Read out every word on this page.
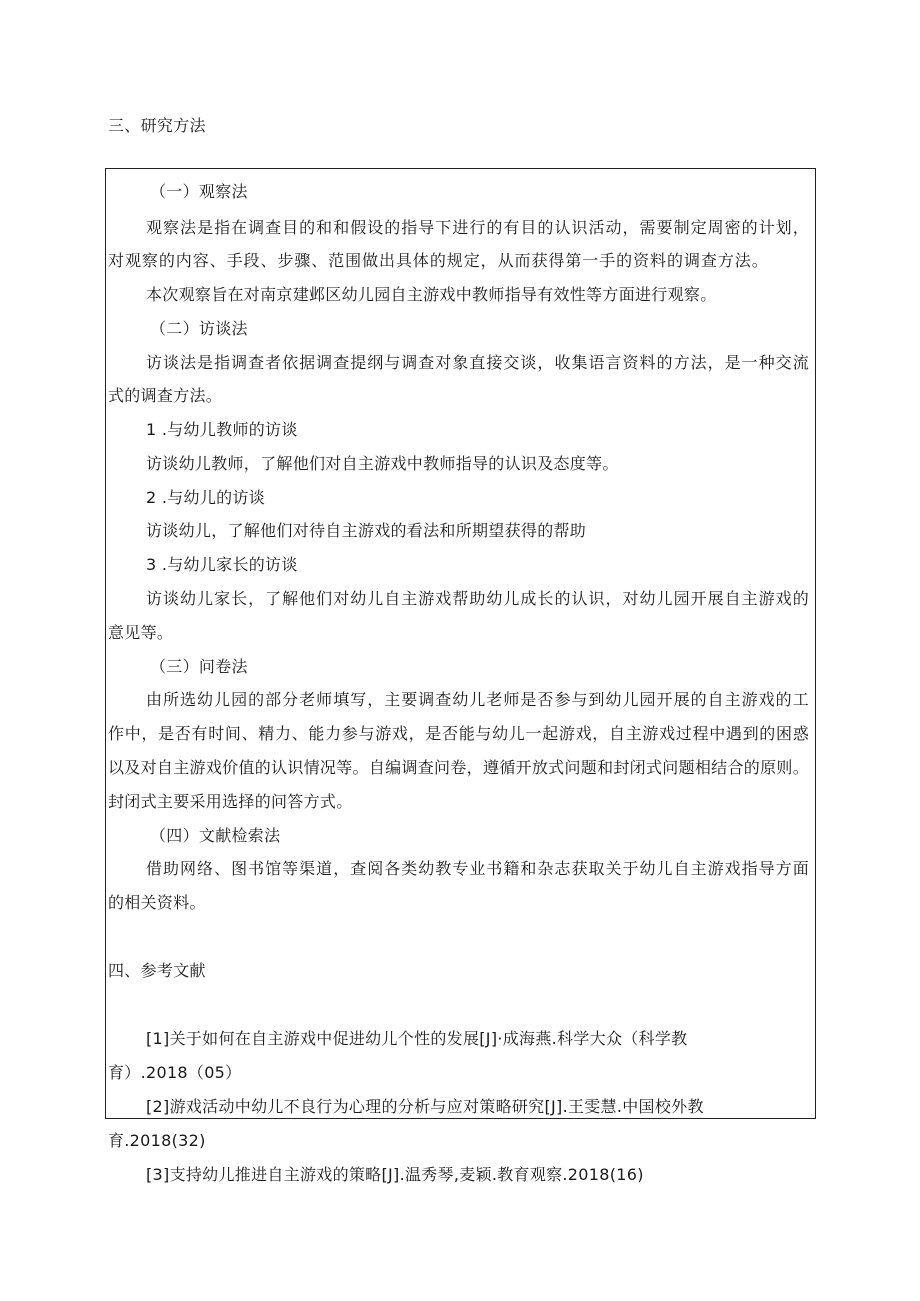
三、研究方法
（一）观察法
观察法是指在调查目的和和假设的指导下进行的有目的认识活动，需要制定周密的计划，
对观察的内容、手段、步骤、范围做出具体的规定，从而获得第一手的资料的调查方法。
本次观察旨在对南京建邺区幼儿园自主游戏中教师指导有效性等方面进行观察。
（二）访谈法
访谈法是指调查者依据调查提纲与调查对象直接交谈，收集语言资料的方法，是一种交流
式的调查方法。
1 .与幼儿教师的访谈
访谈幼儿教师，了解他们对自主游戏中教师指导的认识及态度等。
2 .与幼儿的访谈
访谈幼儿，了解他们对待自主游戏的看法和所期望获得的帮助
3 .与幼儿家长的访谈
访谈幼儿家长，了解他们对幼儿自主游戏帮助幼儿成长的认识，对幼儿园开展自主游戏的
意见等。
（三）问卷法
由所选幼儿园的部分老师填写，主要调查幼儿老师是否参与到幼儿园开展的自主游戏的工
作中，是否有时间、精力、能力参与游戏，是否能与幼儿一起游戏，自主游戏过程中遇到的困惑
以及对自主游戏价值的认识情况等。自编调查问卷，遵循开放式问题和封闭式问题相结合的原则。
封闭式主要采用选择的问答方式。
（四）文献检索法
借助网络、图书馆等渠道，查阅各类幼教专业书籍和杂志获取关于幼儿自主游戏指导方面
的相关资料。
四、参考文献
[1]关于如何在自主游戏中促进幼儿个性的发展[J]·成海燕.科学大众（科学教
育）.2018（05）
[2]游戏活动中幼儿不良行为心理的分析与应对策略研究[J].王雯慧.中国校外教
育.2018(32)
[3]支持幼儿推进自主游戏的策略[J].温秀琴,麦颖.教育观察.2018(16)
